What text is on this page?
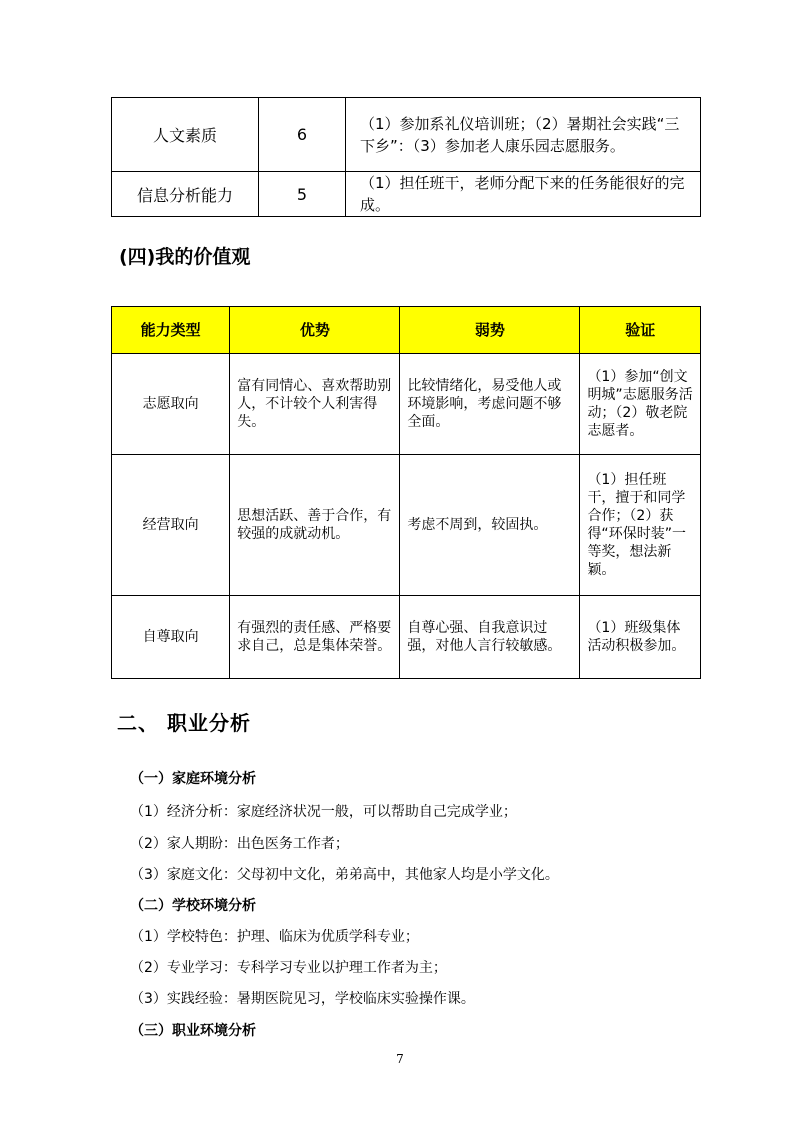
人文素质	6	（1）参加系礼仪培训班；（2）暑期社会实践“三下乡”：（3）参加老人康乐园志愿服务。
信息分析能力	5	（1）担任班干，老师分配下来的任务能很好的完成。
(四)我的价值观
能力类型	优势	弱势	验证
志愿取向	富有同情心、喜欢帮助别人，不计较个人利害得失。	比较情绪化，易受他人或环境影响，考虑问题不够全面。	（1）参加“创文明城”志愿服务活动；（2）敬老院志愿者。
经营取向	思想活跃、善于合作，有较强的成就动机。	考虑不周到，较固执。	（1）担任班干，擅于和同学合作；（2）获得“环保时装”一等奖，想法新颖。
自尊取向	有强烈的责任感、严格要求自己，总是集体荣誉。	自尊心强、自我意识过强，对他人言行较敏感。	（1）班级集体活动积极参加。
二、 职业分析
（一）家庭环境分析
（1）经济分析：家庭经济状况一般，可以帮助自己完成学业；
（2）家人期盼：出色医务工作者；
（3）家庭文化：父母初中文化，弟弟高中，其他家人均是小学文化。
（二）学校环境分析
（1）学校特色：护理、临床为优质学科专业；
（2）专业学习：专科学习专业以护理工作者为主；
（3）实践经验：暑期医院见习，学校临床实验操作课。
（三）职业环境分析
7
